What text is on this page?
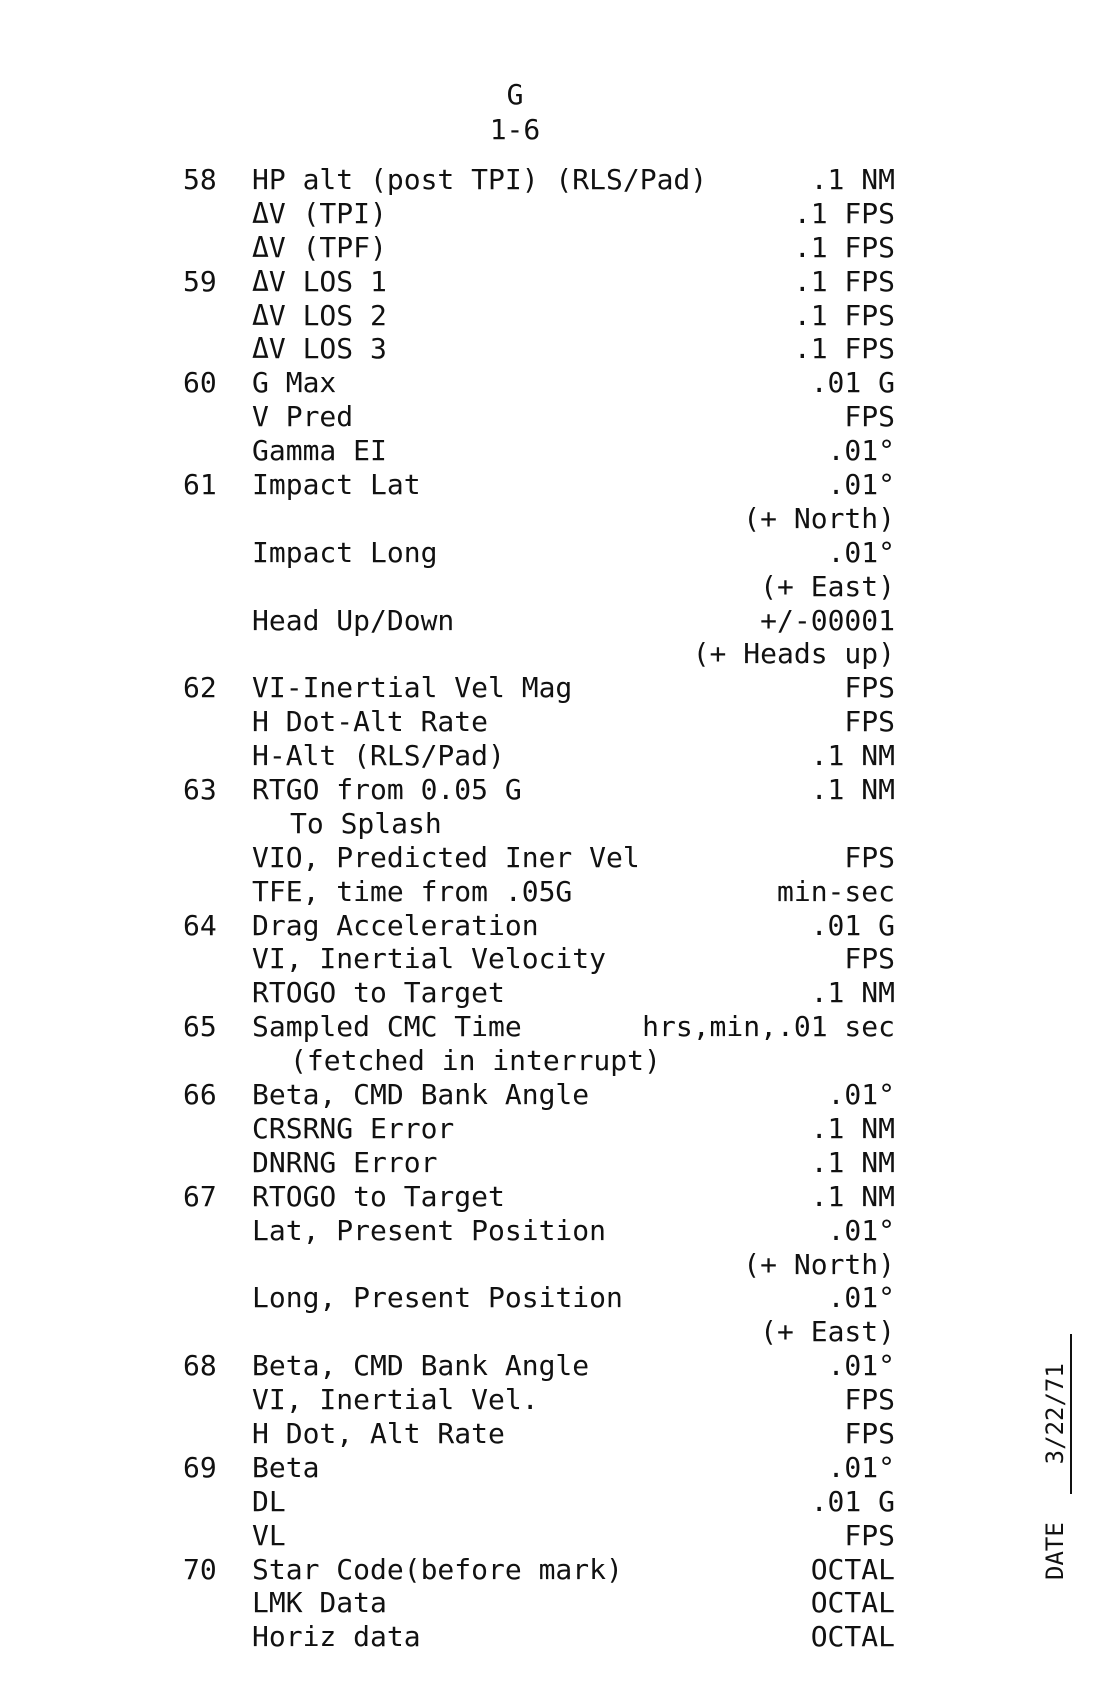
G
1-6
58	HP alt (post TPI) (RLS/Pad)	.1 NM
ΔV (TPI)	.1 FPS
ΔV (TPF)	.1 FPS
59	ΔV LOS 1	.1 FPS
ΔV LOS 2	.1 FPS
ΔV LOS 3	.1 FPS
60	G Max	.01 G
V Pred	FPS
Gamma EI	.01°
61	Impact Lat	.01°
(+ North)
Impact Long	.01°
(+ East)
Head Up/Down	+/-00001
(+ Heads up)
62	VI-Inertial Vel Mag	FPS
H Dot-Alt Rate	FPS
H-Alt (RLS/Pad)	.1 NM
63	RTGO from 0.05 G	.1 NM
To Splash
VIO, Predicted Iner Vel	FPS
TFE, time from .05G	min-sec
64	Drag Acceleration	.01 G
VI, Inertial Velocity	FPS
RTOGO to Target	.1 NM
65	Sampled CMC Time	hrs,min,.01 sec
(fetched in interrupt)
66	Beta, CMD Bank Angle	.01°
CRSRNG Error	.1 NM
DNRNG Error	.1 NM
67	RTOGO to Target	.1 NM
Lat, Present Position	.01°
(+ North)
Long, Present Position	.01°
(+ East)
68	Beta, CMD Bank Angle	.01°
VI, Inertial Vel.	FPS
H Dot, Alt Rate	FPS
69	Beta	.01°
DL	.01 G
VL	FPS
70	Star Code(before mark)	OCTAL
LMK Data	OCTAL
Horiz data	OCTAL
DATE 3/22/71
